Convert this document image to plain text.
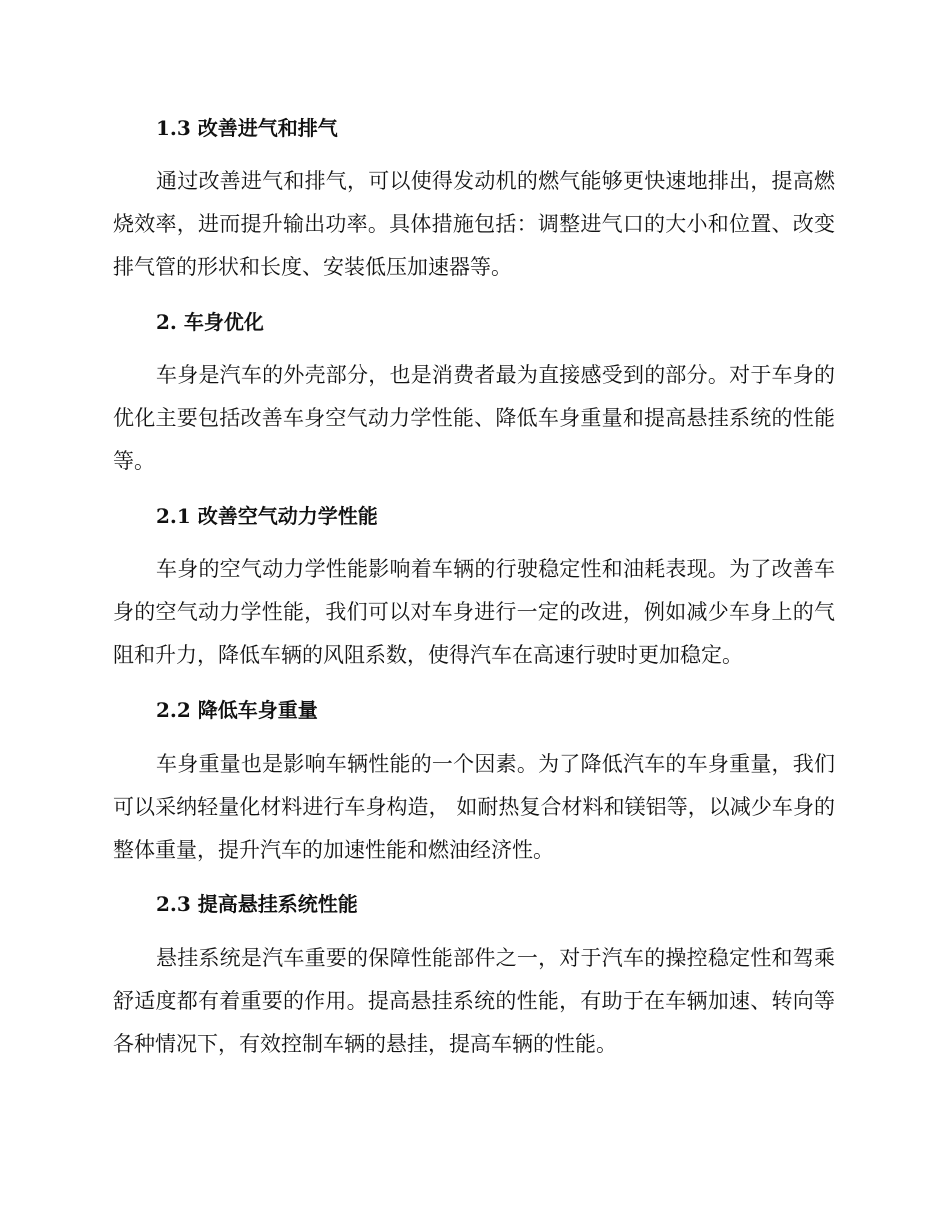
1.3 改善进气和排气

通过改善进气和排气，可以使得发动机的燃气能够更快速地排出，提高燃烧效率，进而提升输出功率。具体措施包括：调整进气口的大小和位置、改变排气管的形状和长度、安装低压加速器等。

2. 车身优化

车身是汽车的外壳部分，也是消费者最为直接感受到的部分。对于车身的优化主要包括改善车身空气动力学性能、降低车身重量和提高悬挂系统的性能等。

2.1 改善空气动力学性能

车身的空气动力学性能影响着车辆的行驶稳定性和油耗表现。为了改善车身的空气动力学性能，我们可以对车身进行一定的改进，例如减少车身上的气阻和升力，降低车辆的风阻系数，使得汽车在高速行驶时更加稳定。

2.2 降低车身重量

车身重量也是影响车辆性能的一个因素。为了降低汽车的车身重量，我们可以采纳轻量化材料进行车身构造， 如耐热复合材料和镁铝等，以减少车身的整体重量，提升汽车的加速性能和燃油经济性。

2.3 提高悬挂系统性能

悬挂系统是汽车重要的保障性能部件之一，对于汽车的操控稳定性和驾乘舒适度都有着重要的作用。提高悬挂系统的性能，有助于在车辆加速、转向等各种情况下，有效控制车辆的悬挂，提高车辆的性能。
